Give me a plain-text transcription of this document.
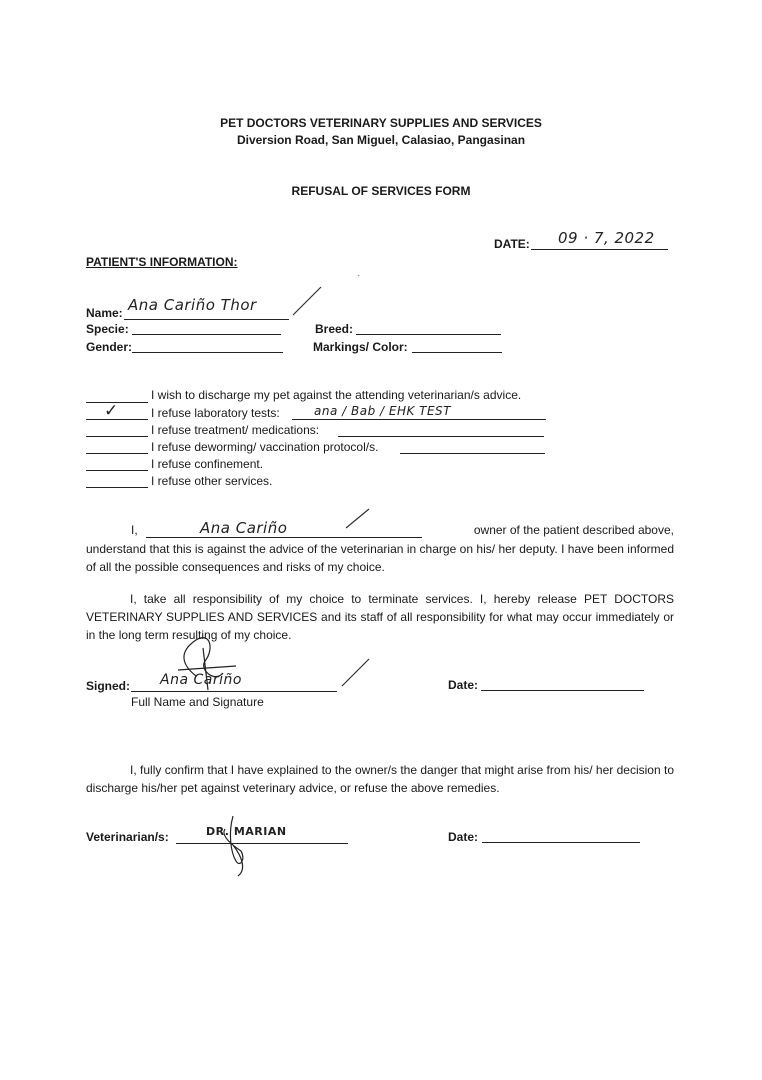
PET DOCTORS VETERINARY SUPPLIES AND SERVICES
Diversion Road, San Miguel, Calasiao, Pangasinan
REFUSAL OF SERVICES FORM
DATE: 09 · 7, 2022
PATIENT'S INFORMATION:
Name: Ana Cariño Thor
Specie:	Breed:
Gender:	Markings/ Color:
I wish to discharge my pet against the attending veterinarian/s advice.
✓	I refuse laboratory tests:	ana / Bab / EHK TEST
I refuse treatment/ medications:
I refuse deworming/ vaccination protocol/s.
I refuse confinement.
I refuse other services.
I,	Ana Cariño	owner of the patient described above,
understand that this is against the advice of the veterinarian in charge on his/ her deputy. I have been informed of all the possible consequences and risks of my choice.
I, take all responsibility of my choice to terminate services. I, hereby release PET DOCTORS VETERINARY SUPPLIES AND SERVICES and its staff of all responsibility for what may occur immediately or in the long term resulting of my choice.
Signed: Ana Cariño
Full Name and Signature
Date:
I, fully confirm that I have explained to the owner/s the danger that might arise from his/ her decision to discharge his/her pet against veterinary advice, or refuse the above remedies.
Veterinarian/s:	DR. MARIAN	Date:
